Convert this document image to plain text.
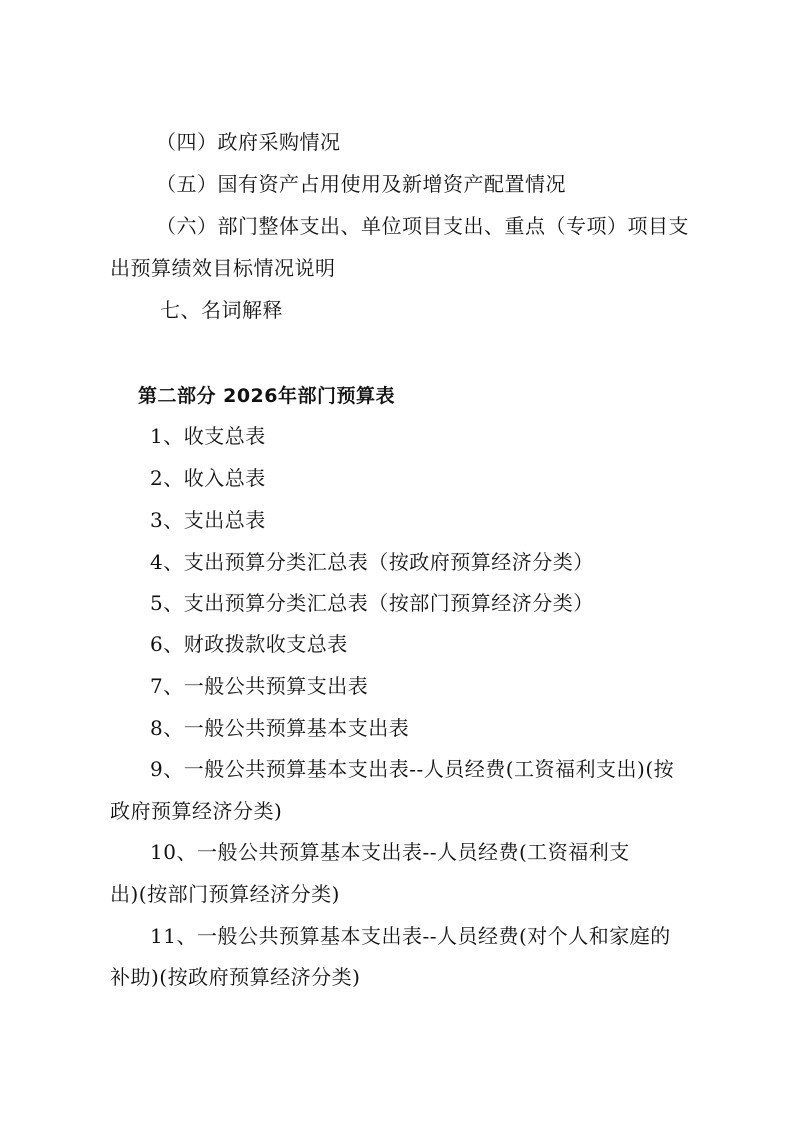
（四）政府采购情况
（五）国有资产占用使用及新增资产配置情况
（六）部门整体支出、单位项目支出、重点（专项）项目支
出预算绩效目标情况说明
七、名词解释
第二部分 2026年部门预算表
1、收支总表
2、收入总表
3、支出总表
4、支出预算分类汇总表（按政府预算经济分类）
5、支出预算分类汇总表（按部门预算经济分类）
6、财政拨款收支总表
7、一般公共预算支出表
8、一般公共预算基本支出表
9、一般公共预算基本支出表--人员经费(工资福利支出)(按
政府预算经济分类)
10、一般公共预算基本支出表--人员经费(工资福利支
出)(按部门预算经济分类)
11、一般公共预算基本支出表--人员经费(对个人和家庭的
补助)(按政府预算经济分类)
